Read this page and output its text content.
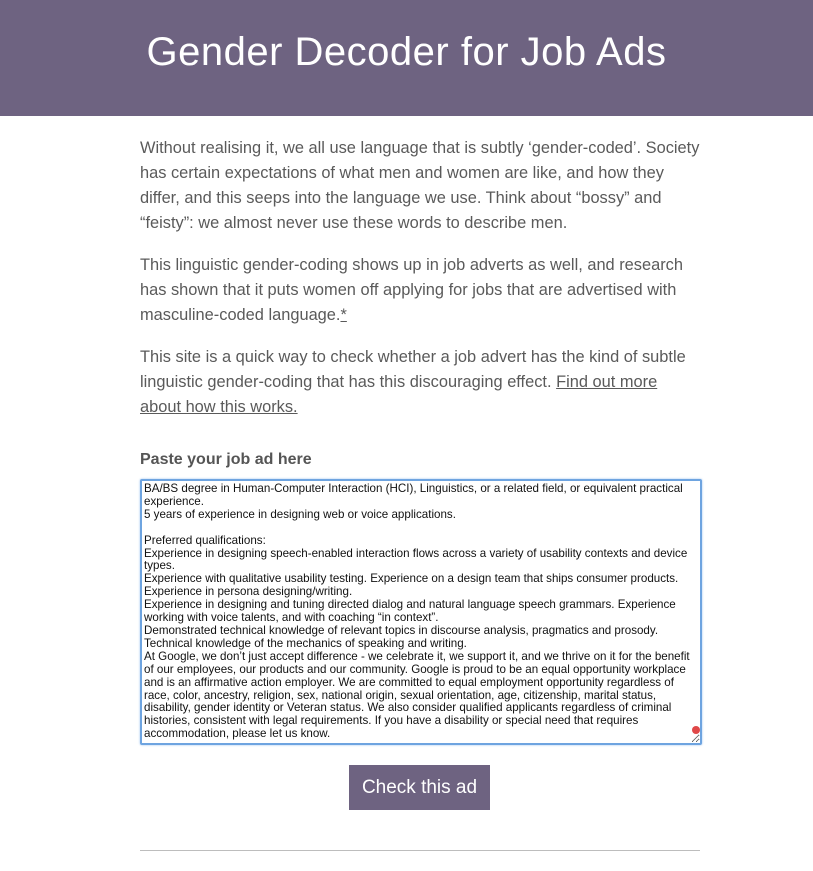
Gender Decoder for Job Ads

Without realising it, we all use language that is subtly ‘gender-coded’. Society has certain expectations of what men and women are like, and how they differ, and this seeps into the language we use. Think about “bossy” and “feisty”: we almost never use these words to describe men.

This linguistic gender-coding shows up in job adverts as well, and research has shown that it puts women off applying for jobs that are advertised with masculine-coded language.*

This site is a quick way to check whether a job advert has the kind of subtle linguistic gender-coding that has this discouraging effect. Find out more about how this works.

Paste your job ad here
BA/BS degree in Human-Computer Interaction (HCI), Linguistics, or a related field, or equivalent practical experience. 5 years of experience in designing web or voice applications. Preferred qualifications: Experience in designing speech-enabled interaction flows across a variety of usability contexts and device types. Experience with qualitative usability testing. Experience on a design team that ships consumer products. Experience in persona designing/writing. Experience in designing and tuning directed dialog and natural language speech grammars. Experience working with voice talents, and with coaching “in context”. Demonstrated technical knowledge of relevant topics in discourse analysis, pragmatics and prosody. Technical knowledge of the mechanics of speaking and writing. At Google, we don’t just accept difference - we celebrate it, we support it, and we thrive on it for the benefit of our employees, our products and our community. Google is proud to be an equal opportunity workplace and is an affirmative action employer. We are committed to equal employment opportunity regardless of race, color, ancestry, religion, sex, national origin, sexual orientation, age, citizenship, marital status, disability, gender identity or Veteran status. We also consider qualified applicants regardless of criminal histories, consistent with legal requirements. If you have a disability or special need that requires accommodation, please let us know.
Check this ad
